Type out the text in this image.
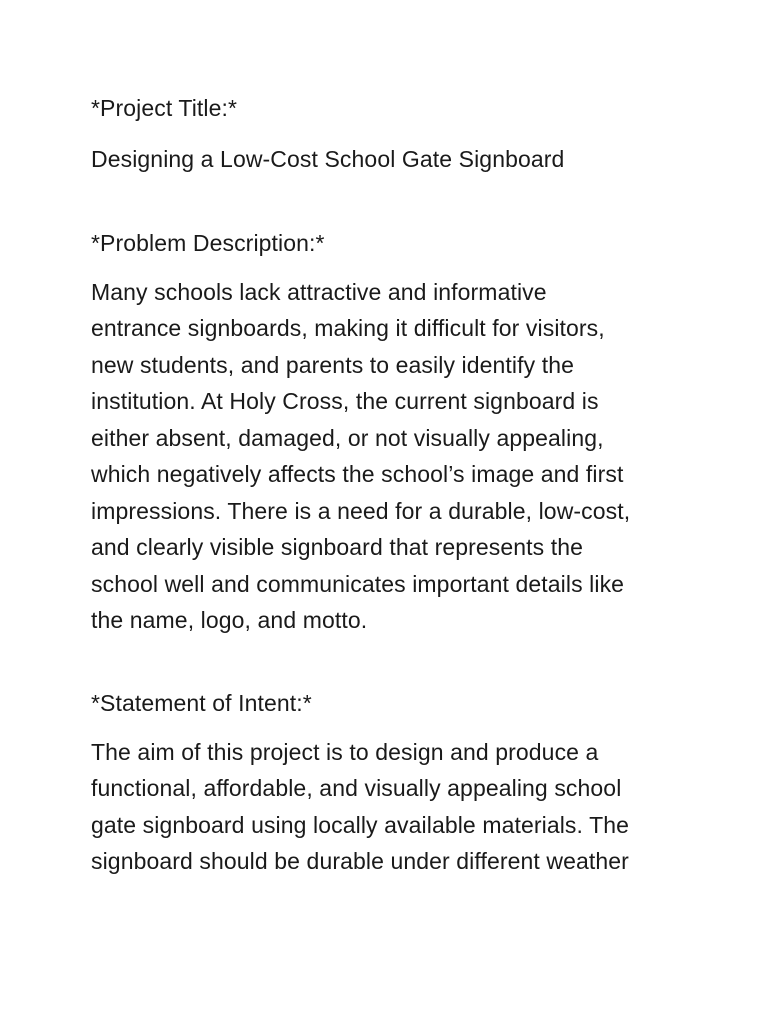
*Project Title:*

Designing a Low-Cost School Gate Signboard

*Problem Description:*

Many schools lack attractive and informative
entrance signboards, making it difficult for visitors,
new students, and parents to easily identify the
institution. At Holy Cross, the current signboard is
either absent, damaged, or not visually appealing,
which negatively affects the school’s image and first
impressions. There is a need for a durable, low-cost,
and clearly visible signboard that represents the
school well and communicates important details like
the name, logo, and motto.

*Statement of Intent:*

The aim of this project is to design and produce a
functional, affordable, and visually appealing school
gate signboard using locally available materials. The
signboard should be durable under different weather
